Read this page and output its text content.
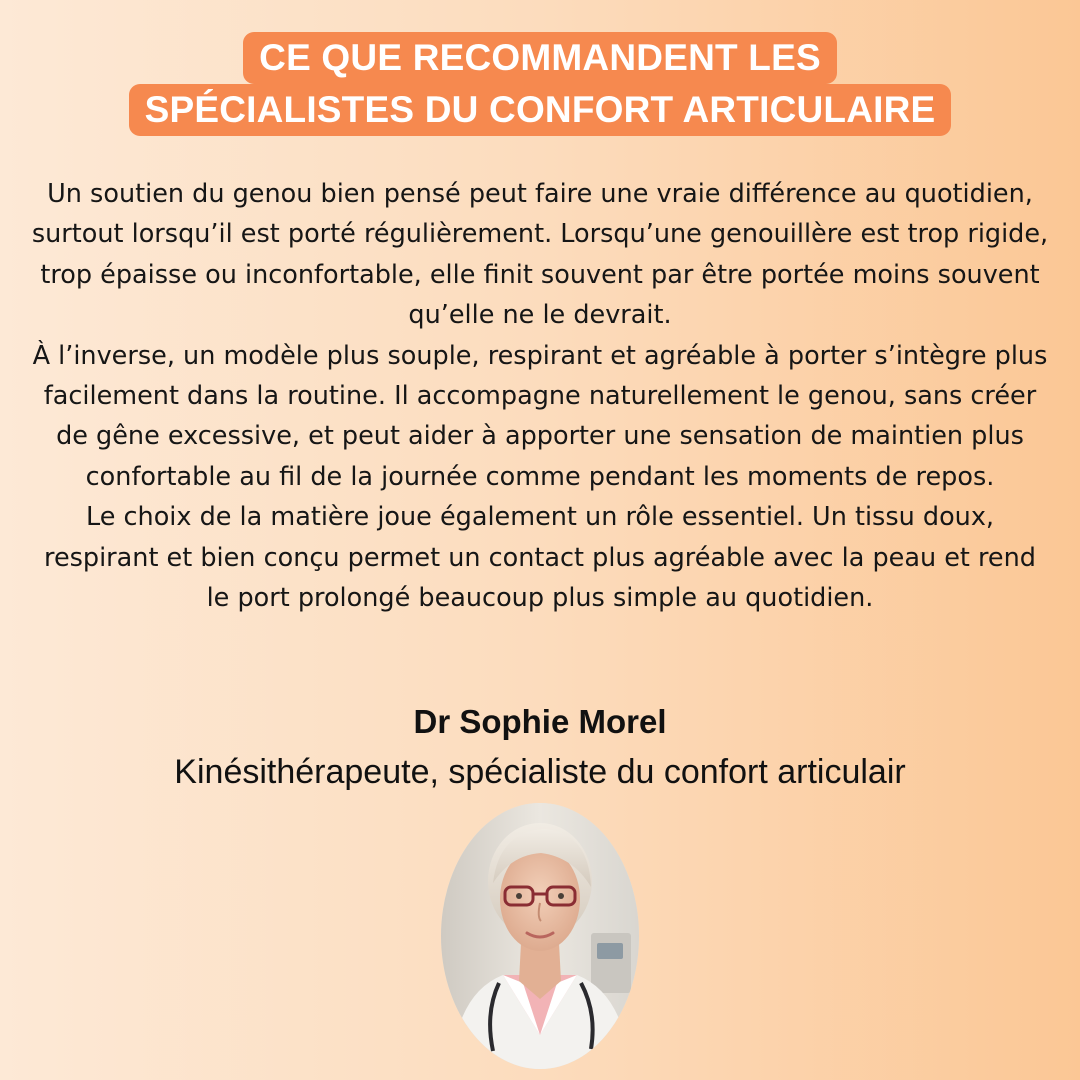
CE QUE RECOMMANDENT LES
SPÉCIALISTES DU CONFORT ARTICULAIRE

Un soutien du genou bien pensé peut faire une vraie différence au quotidien, surtout lorsqu’il est porté régulièrement. Lorsqu’une genouillère est trop rigide, trop épaisse ou inconfortable, elle finit souvent par être portée moins souvent qu’elle ne le devrait.

À l’inverse, un modèle plus souple, respirant et agréable à porter s’intègre plus facilement dans la routine. Il accompagne naturellement le genou, sans créer de gêne excessive, et peut aider à apporter une sensation de maintien plus confortable au fil de la journée comme pendant les moments de repos.

Le choix de la matière joue également un rôle essentiel. Un tissu doux, respirant et bien conçu permet un contact plus agréable avec la peau et rend le port prolongé beaucoup plus simple au quotidien.

Dr Sophie Morel
Kinésithérapeute, spécialiste du confort articulair
